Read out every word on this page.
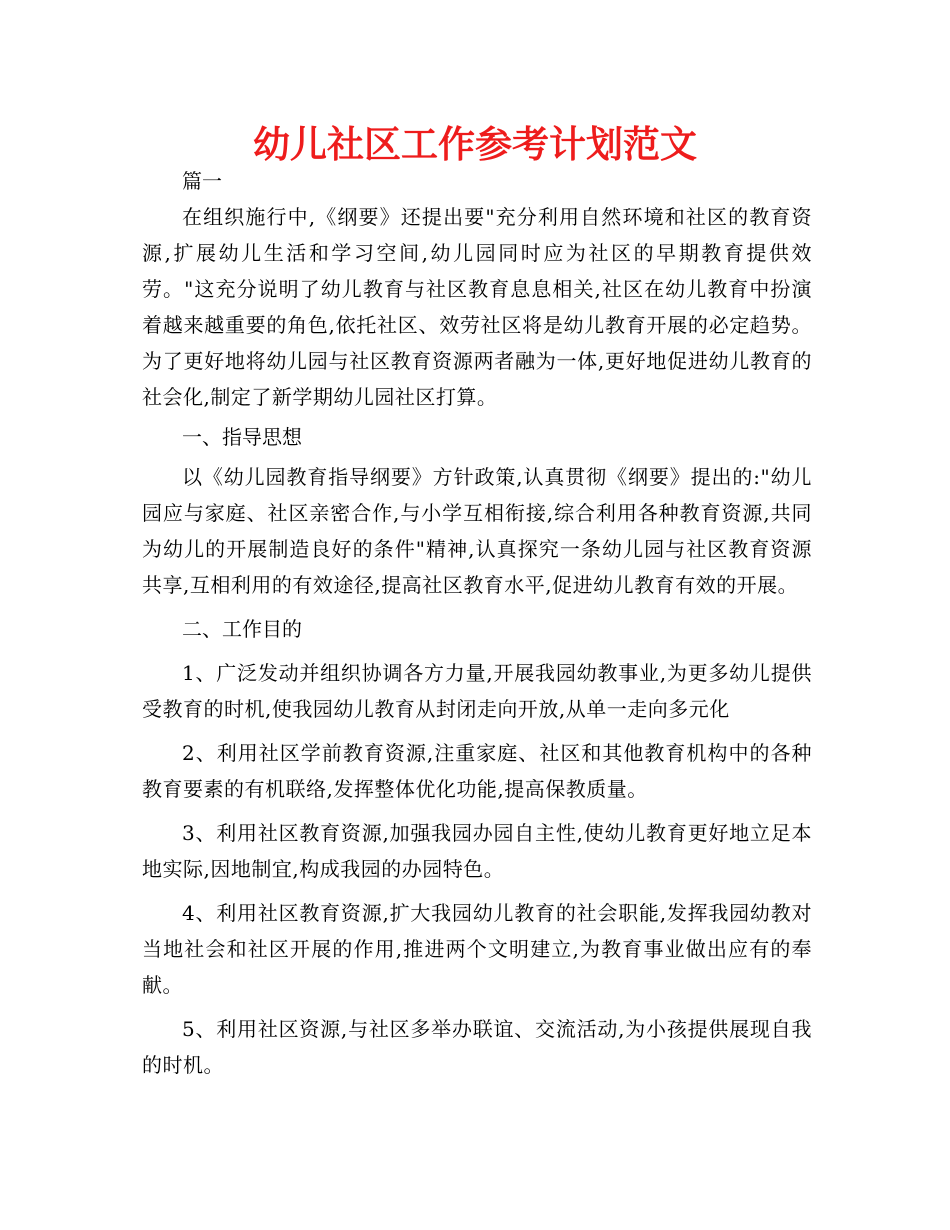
幼儿社区工作参考计划范文

篇一

在组织施行中,《纲要》还提出要"充分利用自然环境和社区的教育资源,扩展幼儿生活和学习空间,幼儿园同时应为社区的早期教育提供效劳。"这充分说明了幼儿教育与社区教育息息相关,社区在幼儿教育中扮演着越来越重要的角色,依托社区、效劳社区将是幼儿教育开展的必定趋势。为了更好地将幼儿园与社区教育资源两者融为一体,更好地促进幼儿教育的社会化,制定了新学期幼儿园社区打算。

一、指导思想

以《幼儿园教育指导纲要》方针政策,认真贯彻《纲要》提出的:"幼儿园应与家庭、社区亲密合作,与小学互相衔接,综合利用各种教育资源,共同为幼儿的开展制造良好的条件"精神,认真探究一条幼儿园与社区教育资源共享,互相利用的有效途径,提高社区教育水平,促进幼儿教育有效的开展。

二、工作目的

1、广泛发动并组织协调各方力量,开展我园幼教事业,为更多幼儿提供受教育的时机,使我园幼儿教育从封闭走向开放,从单一走向多元化

2、利用社区学前教育资源,注重家庭、社区和其他教育机构中的各种教育要素的有机联络,发挥整体优化功能,提高保教质量。

3、利用社区教育资源,加强我园办园自主性,使幼儿教育更好地立足本地实际,因地制宜,构成我园的办园特色。

4、利用社区教育资源,扩大我园幼儿教育的社会职能,发挥我园幼教对当地社会和社区开展的作用,推进两个文明建立,为教育事业做出应有的奉献。

5、利用社区资源,与社区多举办联谊、交流活动,为小孩提供展现自我的时机。
